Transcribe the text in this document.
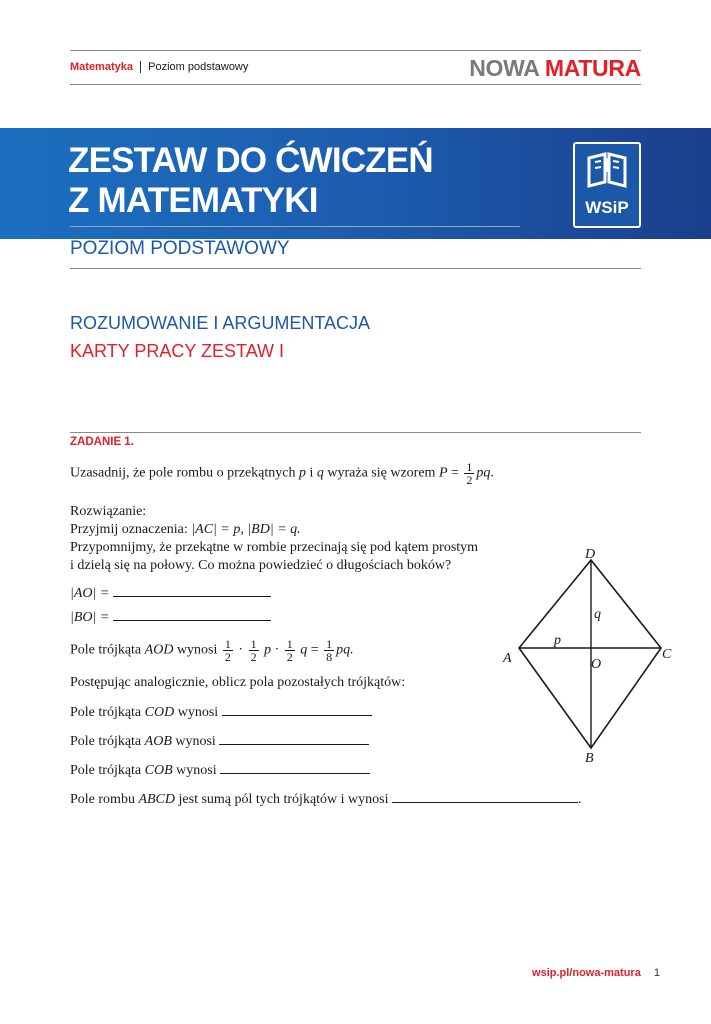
Matematyka Poziom podstawowy	NOWA MATURA
ZESTAW DO ĆWICZEŃ
Z MATEMATYKI	WSiP
POZIOM PODSTAWOWY
ROZUMOWANIE I ARGUMENTACJA
KARTY PRACY ZESTAW I
ZADANIE 1.
Uzasadnij, że pole rombu o przekątnych p i q wyraża się wzorem $P = \frac{1}{2}$ pq.
Rozwiązanie:
Przyjmij oznaczenia: |AC| = p, |BD| = q.
Przypomnijmy, że przekątne w rombie przecinają się pod kątem prostym
i dzielą się na połowy. Co można powiedzieć o długościach boków?
|AO| =
|BO| =
Pole trójkąta AOD wynosi $\frac{1}{2} \cdot \frac{1}{2}$ $p \cdot \frac{1}{2}$ $q = \frac{1}{8}$ pq.
Postępując analogicznie, oblicz pola pozostałych trójkątów:
Pole trójkąta COD wynosi
Pole trójkąta AOB wynosi
Pole trójkąta COB wynosi
Pole rombu ABCD jest sumą pól tych trójkątów i wynosi	.
D
B
A	C
O
p
q
wsip.pl/nowa-matura 1
